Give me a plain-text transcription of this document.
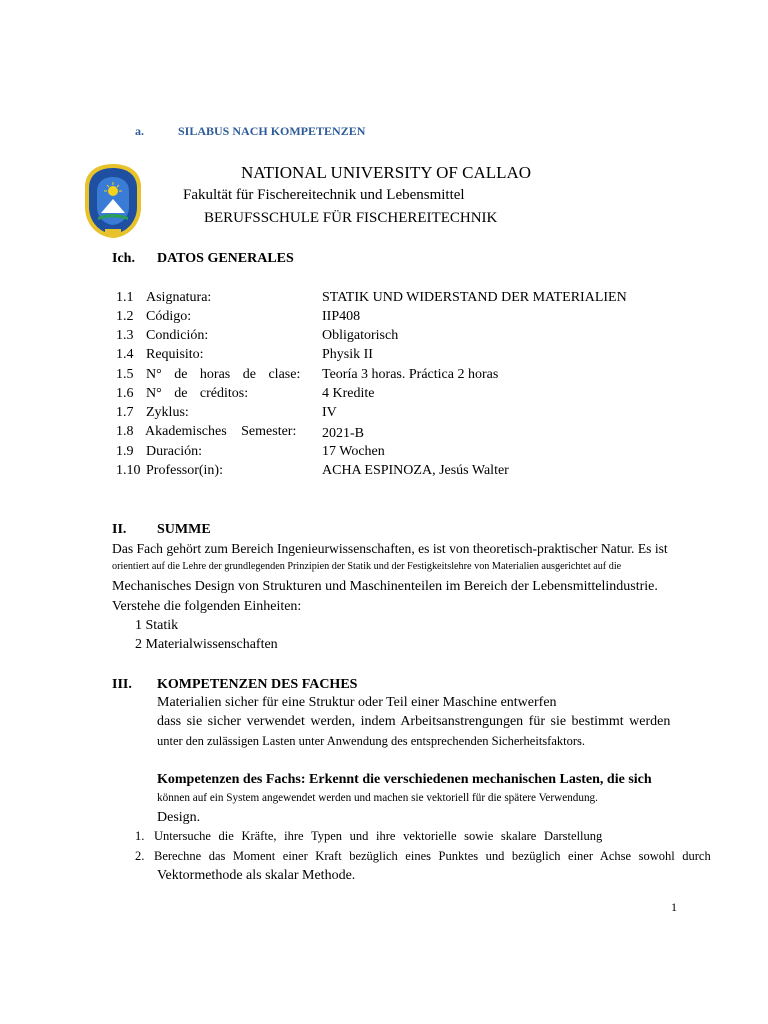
a.	SILABUS NACH KOMPETENZEN
NATIONAL UNIVERSITY OF CALLAO
Fakultät für Fischereitechnik und Lebensmittel
BERUFSSCHULE FÜR FISCHEREITECHNIK
Ich. DATOS GENERALES
1.1 Asignatura:	STATIK UND WIDERSTAND DER MATERIALIEN
1.2 Código:	IIP408
1.3 Condición:	Obligatorisch
1.4 Requisito:	Physik II
1.5 N° de horas de clase: Teoría 3 horas. Práctica 2 horas
1.6 N° de créditos:	4 Kredite
1.7 Zyklus:	IV
1.8 Akademisches Semester: 2021-B
1.9 Duración:	17 Wochen
1.10 Professor(in):	ACHA ESPINOZA, Jesús Walter
II. SUMME
Das Fach gehört zum Bereich Ingenieurwissenschaften, es ist von theoretisch-praktischer Natur. Es ist
orientiert auf die Lehre der grundlegenden Prinzipien der Statik und der Festigkeitslehre von Materialien ausgerichtet auf die
Mechanisches Design von Strukturen und Maschinenteilen im Bereich der Lebensmittelindustrie.
Verstehe die folgenden Einheiten:
1 Statik
2 Materialwissenschaften
III. KOMPETENZEN DES FACHES
Materialien sicher für eine Struktur oder Teil einer Maschine entwerfen
dass sie sicher verwendet werden, indem Arbeitsanstrengungen für sie bestimmt werden
unter den zulässigen Lasten unter Anwendung des entsprechenden Sicherheitsfaktors.
Kompetenzen des Fachs: Erkennt die verschiedenen mechanischen Lasten, die sich
können auf ein System angewendet werden und machen sie vektoriell für die spätere Verwendung.
Design.
1. Untersuche die Kräfte, ihre Typen und ihre vektorielle sowie skalare Darstellung
2. Berechne das Moment einer Kraft bezüglich eines Punktes und bezüglich einer Achse sowohl durch
Vektormethode als skalar Methode.
1
